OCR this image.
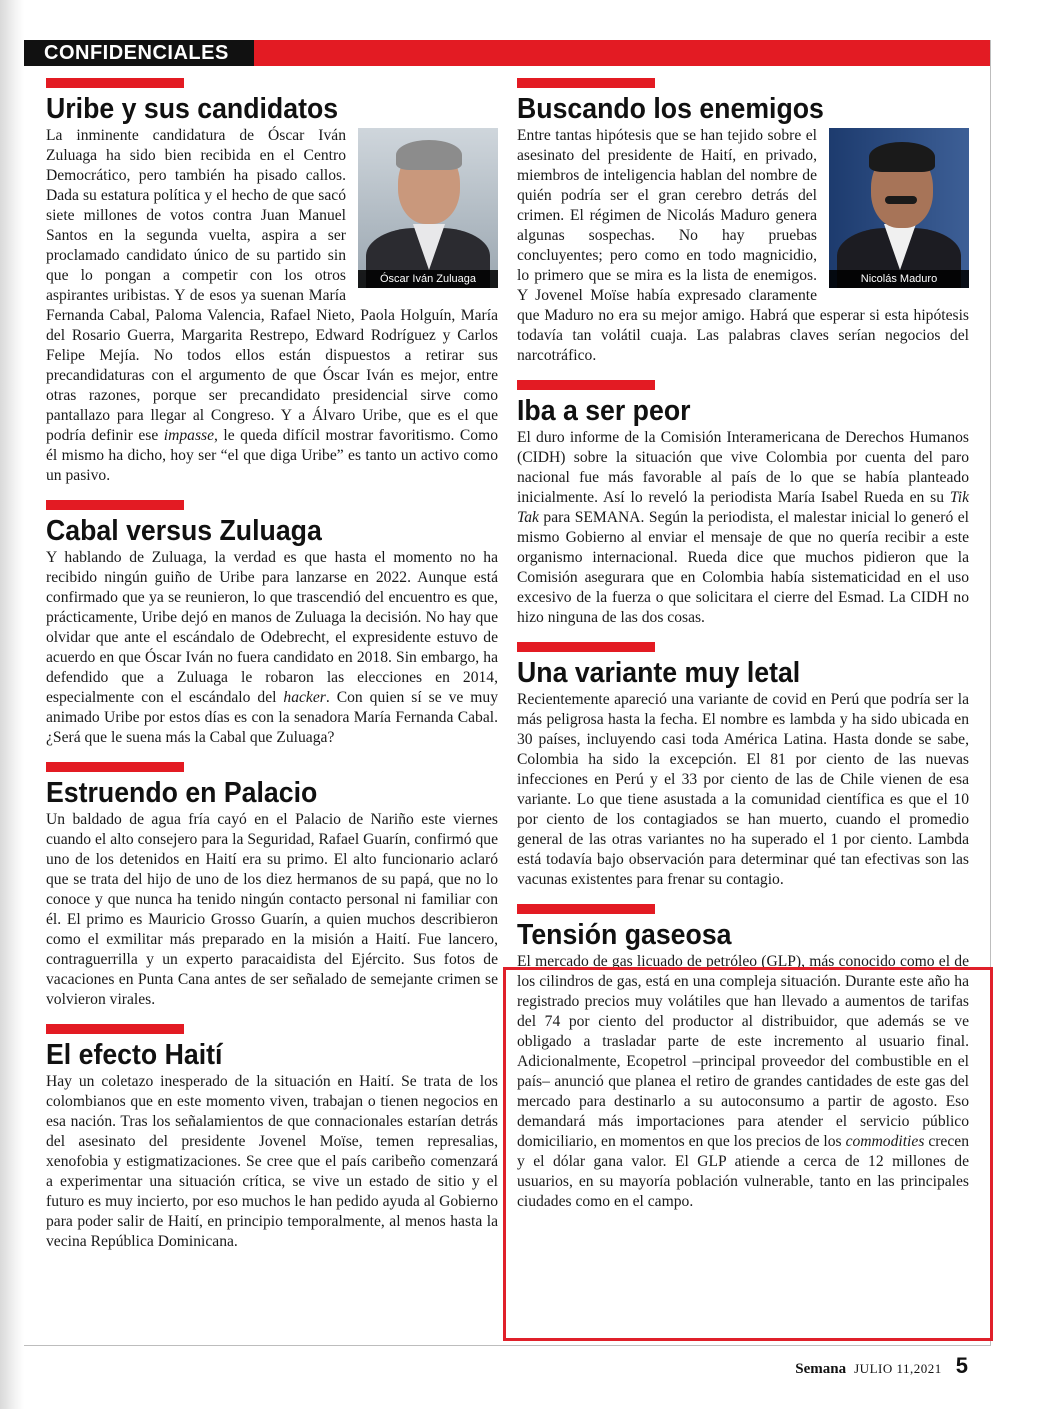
CONFIDENCIALES
Uribe y sus candidatos
Óscar Iván Zuluaga

La inminente candidatura de Óscar Iván Zuluaga ha sido bien recibida en el Centro Democrático, pero también ha pisado callos. Dada su estatura política y el hecho de que sacó siete millones de votos contra Juan Manuel Santos en la segunda vuelta, aspira a ser proclamado candidato único de su partido sin que lo pongan a competir con los otros aspirantes uribistas. Y de esos ya suenan María Fernanda Cabal, Paloma Valencia, Rafael Nieto, Paola Holguín, María del Rosario Guerra, Margarita Restrepo, Edward Rodríguez y Carlos Felipe Mejía. No todos ellos están dispuestos a retirar sus precandidaturas con el argumento de que Óscar Iván es mejor, entre otras razones, porque ser precandidato presidencial sirve como pantallazo para llegar al Congreso. Y a Álvaro Uribe, que es el que podría definir ese impasse, le queda difícil mostrar favoritismo. Como él mismo ha dicho, hoy ser “el que diga Uribe” es tanto un activo como un pasivo.

Cabal versus Zuluaga

Y hablando de Zuluaga, la verdad es que hasta el momento no ha recibido ningún guiño de Uribe para lanzarse en 2022. Aunque está confirmado que ya se reunieron, lo que trascendió del encuentro es que, prácticamente, Uribe dejó en manos de Zuluaga la decisión. No hay que olvidar que ante el escándalo de Odebrecht, el expresidente estuvo de acuerdo en que Óscar Iván no fuera candidato en 2018. Sin embargo, ha defendido que a Zuluaga le robaron las elecciones en 2014, especialmente con el escándalo del hacker. Con quien sí se ve muy animado Uribe por estos días es con la senadora María Fernanda Cabal. ¿Será que le suena más la Cabal que Zuluaga?

Estruendo en Palacio

Un baldado de agua fría cayó en el Palacio de Nariño este viernes cuando el alto consejero para la Seguridad, Rafael Guarín, confirmó que uno de los detenidos en Haití era su primo. El alto funcionario aclaró que se trata del hijo de uno de los diez hermanos de su papá, que no lo conoce y que nunca ha tenido ningún contacto personal ni familiar con él. El primo es Mauricio Grosso Guarín, a quien muchos describieron como el exmilitar más preparado en la misión a Haití. Fue lancero, contraguerrilla y un experto paracaidista del Ejército. Sus fotos de vacaciones en Punta Cana antes de ser señalado de semejante crimen se volvieron virales.

El efecto Haití

Hay un coletazo inesperado de la situación en Haití. Se trata de los colombianos que en este momento viven, trabajan o tienen negocios en esa nación. Tras los señalamientos de que connacionales estarían detrás del asesinato del presidente Jovenel Moïse, temen represalias, xenofobia y estigmatizaciones. Se cree que el país caribeño comenzará a experimentar una situación crítica, se vive un estado de sitio y el futuro es muy incierto, por eso muchos le han pedido ayuda al Gobierno para poder salir de Haití, en principio temporalmente, al menos hasta la vecina República Dominicana.

Buscando los enemigos
Nicolás Maduro

Entre tantas hipótesis que se han tejido sobre el asesinato del presidente de Haití, en privado, miembros de inteligencia hablan del nombre de quién podría ser el gran cerebro detrás del crimen. El régimen de Nicolás Maduro genera algunas sospechas. No hay pruebas concluyentes; pero como en todo magnicidio, lo primero que se mira es la lista de enemigos. Y Jovenel Moïse había expresado claramente que Maduro no era su mejor amigo. Habrá que esperar si esta hipótesis todavía tan volátil cuaja. Las palabras claves serían negocios del narcotráfico.

Iba a ser peor

El duro informe de la Comisión Interamericana de Derechos Humanos (CIDH) sobre la situación que vive Colombia por cuenta del paro nacional fue más favorable al país de lo que se había planteado inicialmente. Así lo reveló la periodista María Isabel Rueda en su Tik Tak para SEMANA. Según la periodista, el malestar inicial lo generó el mismo Gobierno al enviar el mensaje de que no quería recibir a este organismo internacional. Rueda dice que muchos pidieron que la Comisión asegurara que en Colombia había sistematicidad en el uso excesivo de la fuerza o que solicitara el cierre del Esmad. La CIDH no hizo ninguna de las dos cosas.

Una variante muy letal

Recientemente apareció una variante de covid en Perú que podría ser la más peligrosa hasta la fecha. El nombre es lambda y ha sido ubicada en 30 países, incluyendo casi toda América Latina. Hasta donde se sabe, Colombia ha sido la excepción. El 81 por ciento de las nuevas infecciones en Perú y el 33 por ciento de las de Chile vienen de esa variante. Lo que tiene asustada a la comunidad científica es que el 10 por ciento de los contagiados se han muerto, cuando el promedio general de las otras variantes no ha superado el 1 por ciento. Lambda está todavía bajo observación para determinar qué tan efectivas son las vacunas existentes para frenar su contagio.

Tensión gaseosa

El mercado de gas licuado de petróleo (GLP), más conocido como el de los cilindros de gas, está en una compleja situación. Durante este año ha registrado precios muy volátiles que han llevado a aumentos de tarifas del 74 por ciento del productor al distribuidor, que además se ve obligado a trasladar parte de este incremento al usuario final. Adicionalmente, Ecopetrol –principal proveedor del combustible en el país– anunció que planea el retiro de grandes cantidades de este gas del mercado para destinarlo a su autoconsumo a partir de agosto. Eso demandará más importaciones para atender el servicio público domiciliario, en momentos en que los precios de los commodities crecen y el dólar gana valor. El GLP atiende a cerca de 12 millones de usuarios, en su mayoría población vulnerable, tanto en las principales ciudades como en el campo.

Semana JULIO 11,2021 5
